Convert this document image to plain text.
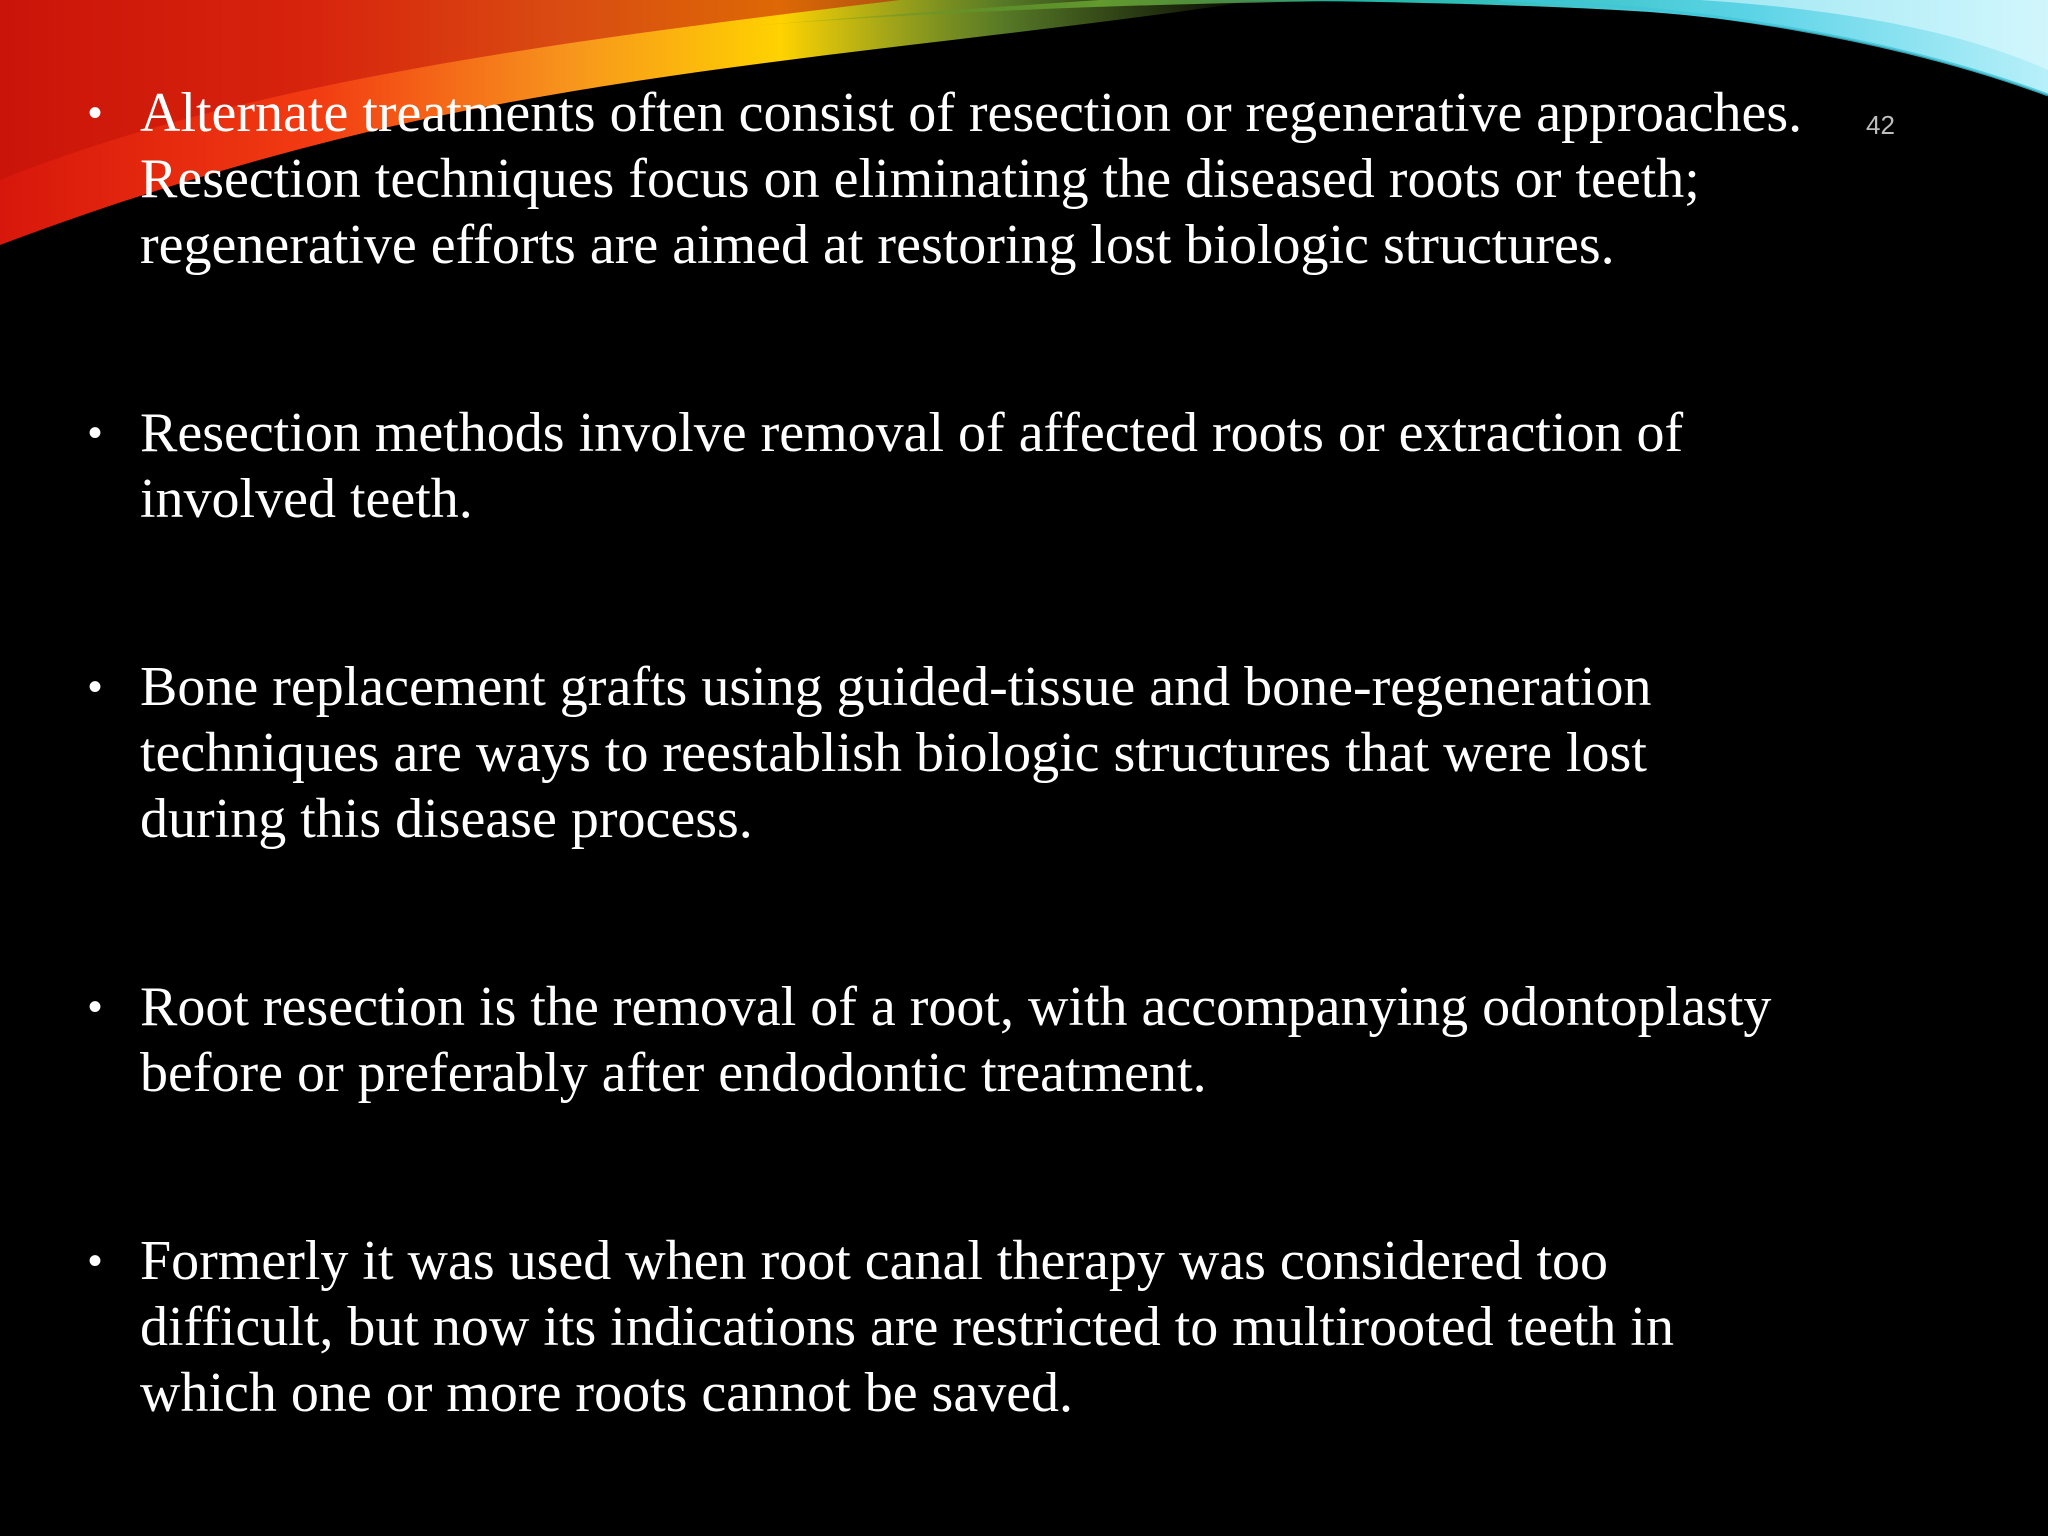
42
• Alternate treatments often consist of resection or regenerative approaches.
Resection techniques focus on eliminating the diseased roots or teeth;
regenerative efforts are aimed at restoring lost biologic structures.
• Resection methods involve removal of affected roots or extraction of
involved teeth.
• Bone replacement grafts using guided-tissue and bone-regeneration
techniques are ways to reestablish biologic structures that were lost
during this disease process.
• Root resection is the removal of a root, with accompanying odontoplasty
before or preferably after endodontic treatment.
• Formerly it was used when root canal therapy was considered too
difficult, but now its indications are restricted to multirooted teeth in
which one or more roots cannot be saved.
